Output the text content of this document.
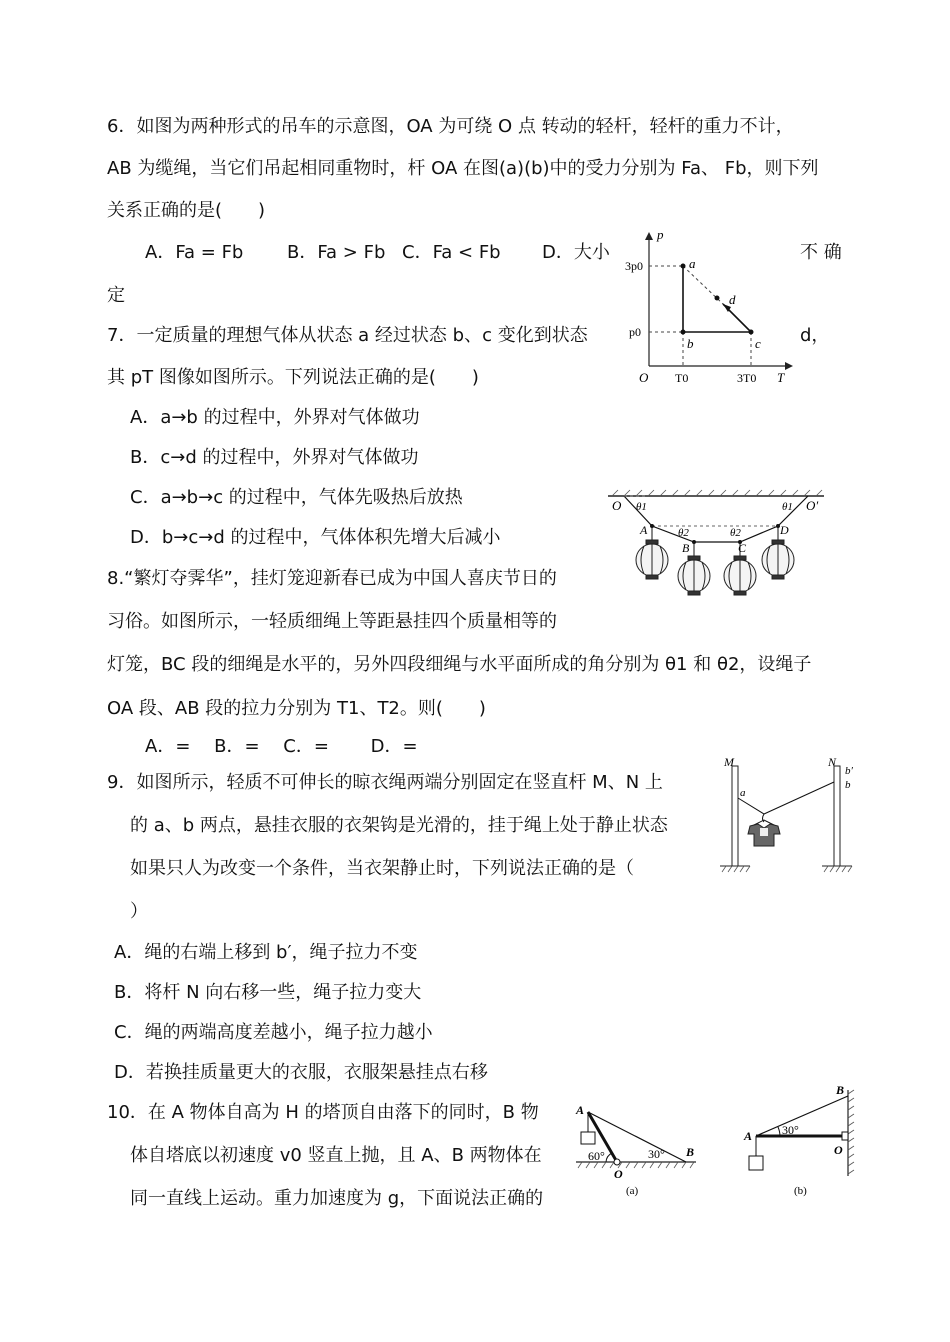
6．如图为两种形式的吊车的示意图，OA 为可绕 O 点 转动的轻杆，轻杆的重力不计，
AB 为缆绳，当它们吊起相同重物时，杆 OA 在图(a)(b)中的受力分别为 Fa、 Fb，则下列
关系正确的是(　　)
A．Fa = Fb B．Fa > Fb C．Fa < Fb D．大小	不 确
定
7．一定质量的理想气体从状态 a 经过状态 b、c 变化到状态	d，
其 pT 图像如图所示。下列说法正确的是(　　)
A．a→b 的过程中，外界对气体做功
B．c→d 的过程中，外界对气体做功
C．a→b→c 的过程中，气体先吸热后放热
D．b→c→d 的过程中，气体体积先增大后减小
p
T
O
3p0
p0
T0	3T0
a
b	c
d
O	O′
A
B	C
D
θ1	θ1
θ2	θ2
8.“繁灯夺霁华”，挂灯笼迎新春已成为中国人喜庆节日的
习俗。如图所示，一轻质细绳上等距悬挂四个质量相等的
灯笼，BC 段的细绳是水平的，另外四段细绳与水平面所成的角分别为 θ1 和 θ2，设绳子
OA 段、AB 段的拉力分别为 T1、T2。则(　　)
A．=　 B．=　 C．=　　 D．=
9．如图所示，轻质不可伸长的晾衣绳两端分别固定在竖直杆 M、N 上
的 a、b 两点，悬挂衣服的衣架钩是光滑的，挂于绳上处于静止状态
如果只人为改变一个条件，当衣架静止时，下列说法正确的是（
）
A．绳的右端上移到 b′，绳子拉力不变
B．将杆 N 向右移一些，绳子拉力变大
C．绳的两端高度差越小，绳子拉力越小
D．若换挂质量更大的衣服，衣服架悬挂点右移
M	N
a
b
b′
10．在 A 物体自高为 H 的塔顶自由落下的同时，B 物
体自塔底以初速度 v0 竖直上抛，且 A、B 两物体在
同一直线上运动。重力加速度为 g，下面说法正确的
60°	30°
A
B
O
(a)
30°
A
B
O
(b)
